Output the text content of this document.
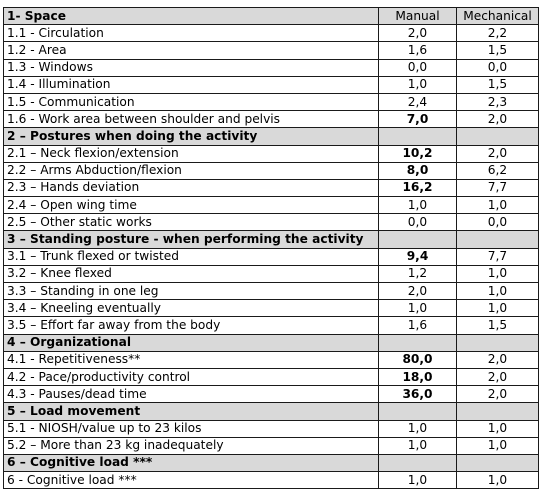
1- Space	Manual	Mechanical
1.1 - Circulation	2,0	2,2
1.2 - Area	1,6	1,5
1.3 - Windows	0,0	0,0
1.4 - Illumination	1,0	1,5
1.5 - Communication	2,4	2,3
1.6 - Work area between shoulder and pelvis	7,0	2,0
2 – Postures when doing the activity		
2.1 – Neck flexion/extension	10,2	2,0
2.2 – Arms Abduction/flexion	8,0	6,2
2.3 – Hands deviation	16,2	7,7
2.4 – Open wing time	1,0	1,0
2.5 – Other static works	0,0	0,0
3 – Standing posture - when performing the activity		
3.1 – Trunk flexed or twisted	9,4	7,7
3.2 – Knee flexed	1,2	1,0
3.3 – Standing in one leg	2,0	1,0
3.4 – Kneeling eventually	1,0	1,0
3.5 – Effort far away from the body	1,6	1,5
4 – Organizational		
4.1 - Repetitiveness**	80,0	2,0
4.2 - Pace/productivity control	18,0	2,0
4.3 - Pauses/dead time	36,0	2,0
5 – Load movement		
5.1 - NIOSH/value up to 23 kilos	1,0	1,0
5.2 – More than 23 kg inadequately	1,0	1,0
6 – Cognitive load ***		
6 - Cognitive load ***	1,0	1,0
